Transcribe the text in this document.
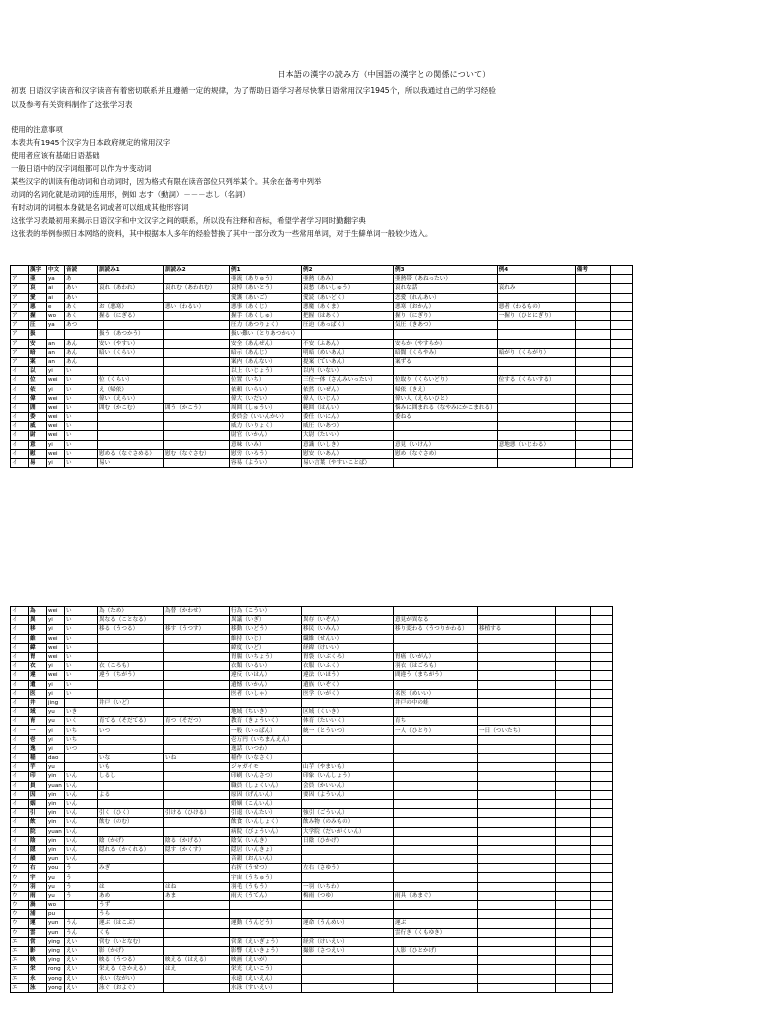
日本語の漢字の読み方（中国語の漢字との関係について）
初衷 日语汉字读音和汉字读音有着密切联系并且遵循一定的规律，为了帮助日语学习者尽快掌日语常用汉字1945个，所以我通过自己的学习经验
以及参考有关资料制作了这张学习表
使用的注意事项
本表共有1945个汉字为日本政府规定的常用汉字
使用者应该有基础日语基础
一般日语中的汉字词组都可以作为サ变动词
某些汉字的训读有他动词和自动词时，因为格式有限在读音部位只列举某个。其余在备考中列举
动词的名词化就是动词的连用形，例如 志す（動詞）－－－志し（名詞）
有时动词的词根本身就是名词或者可以组成其他形容词
这张学习表最初用来揭示日语汉字和中文汉字之间的联系，所以没有注释和音标，希望学者学习同时勤翻字典
这张表的举例参照日本网络的资料，其中根据本人多年的经验替换了其中一部分改为一些常用单词，对于生僻单词一般较少选入。
	漢字	中文	音読	訓読み1	訓読み2	例1	例2	例3	例4	備考	
ア	亜	ya	あ			亜流（ありゅう）	亜熱（あみ）	亜熱帯（あねったい）			
ア	哀	ai	あい	哀れ（あわれ）	哀れむ（あわれむ）	哀悼（あいとう）	哀愁（あいしゅう）	哀れな話	哀れみ		
ア	愛	ai	あい			愛護（あいご）	愛読（あいどく）	恋愛（れんあい）			
ア	悪	e	あく	お（悪寒）	悪い（わるい）	悪事（あくじ）	悪魔（あくま）	悪寒（おかん）	悪者（わるもの）		
ア	握	wo	あく	握る（にぎる）		握手（あくしゅ）	把握（はあく）	握り（にぎり）	一握り（ひとにぎり）		
ア	圧	ya	あつ			圧力（あつりょく）	圧迫（あっぱく）	気圧（きあつ）			
ア	扱			扱う（あつかう）		扱い難い（とりあつかい）					
ア	安	an	あん	安い（やすい）		安全（あんぜん）	不安（ふあん）	安らか（やすらか）			
ア	暗	an	あん	暗い（くらい）		暗示（あんじ）	明暗（めいあん）	暗闇（くらやみ）	暗がり（くらがり）		
ア	案	an	あん			案内（あんない）	提案（ていあん）	案ずる			
イ	以	yi	い			以上（いじょう）	以内（いない）				
イ	位	wei	い	位（くらい）		位置（いち）	三位一体（さんみいったい）	位取り（くらいどり）	位する（くらいする）		
イ	依	yi	い	え（帰依）		依頼（いらい）	依然（いぜん）	帰依（きえ）			
イ	偉	wei	い	偉い（えらい）		偉大（いだい）	偉人（いじん）	偉い人（えらいひと）			
イ	囲	wei	い	囲む（かこむ）	囲う（かこう）	周囲（しゅうい）	範囲（はんい）	悩みに囲まれる（なやみにかこまれる）			
イ	委	wei	い			委員会（いいんかい）	委任（いにん）	委ねる			
イ	威	wei	い			威力（いりょく）	威圧（いあつ）				
イ	尉	wei	い			尉官（いかん）	大尉（たいい）				
イ	意	yi	い			意味（いみ）	意識（いしき）	意見（いけん）	意地悪（いじわる）		
イ	慰	wei	い	慰める（なぐさめる）	慰む（なぐさむ）	慰労（いろう）	慰安（いあん）	慰め（なぐさめ）			
イ	易	yi	い	易い		容易（ようい）	易い言葉（やすいことば）				
イ	為	wei	い	為（ため）	為替（かわせ）	行為（こうい）					
イ	異	yi	い	異なる（ことなる）		異議（いぎ）	異存（いぞん）	意見が異なる			
イ	移	yi	い	移る（うつる）	移す（うつす）	移動（いどう）	移民（いみん）	移り変わる（うつりかわる）	移植する		
イ	維	wei	い			維持（いじ）	繊維（せんい）				
イ	緯	wei	い			緯度（いど）	経緯（けいい）				
イ	胃	wei	い			胃腸（いちょう）	胃袋（いぶくろ）	胃癌（いがん）			
イ	衣	yi	い	衣（ころも）		衣類（いるい）	衣服（いふく）	羽衣（はごろも）			
イ	違	wei	い	違う（ちがう）		違反（いはん）	違法（いほう）	間違う（まちがう）			
イ	遺	yi	い			遺憾（いかん）	遺族（いぞく）				
イ	医	yi	い			医者（いしゃ）	医学（いがく）	名医（めいい）			
イ	井	jing		井戸（いど）				井戸の中の蛙			
イ	域	yu	いき			地域（ちいき）	区域（くいき）				
イ	育	yu	いく	育てる（そだてる）	育つ（そだつ）	教育（きょういく）	体育（たいいく）	育ち			
イ	一	yi	いち	いつ		一般（いっぱん）	統一（とういつ）	一人（ひとり）	一日（ついたち）		
イ	壱	yi	いち			壱万円（いちまんえん）					
イ	逸	yi	いつ			逸話（いつわ）					
イ	稲	dao		いな	いね	稲作（いなさく）					
イ	芋	yu		いも		ジャガイモ	山芋（やまいも）				
イ	印	yin	いん	しるし		印刷（いんさつ）	印象（いんしょう）				
イ	員	yuan	いん			職員（しょくいん）	会員（かいいん）				
イ	因	yin	いん	よる		原因（げんいん）	要因（よういん）				
イ	姻	yin	いん			婚姻（こんいん）					
イ	引	yin	いん	引く（ひく）	引ける（ひける）	引退（いんたい）	強引（ごういん）				
イ	飲	yin	いん	飲む（のむ）		飲食（いんしょく）	飲み物（のみもの）				
イ	院	yuan	いん			病院（びょういん）	大学院（だいがくいん）				
イ	陰	yin	いん	陰（かげ）	陰る（かげる）	陰気（いんき）	日陰（ひかげ）				
イ	隠	yin	いん	隠れる（かくれる）	隠す（かくす）	隠居（いんきょ）					
イ	韻	yun	いん			音韻（おんいん）					
ウ	右	you	う	みぎ		右折（うせつ）	左右（さゆう）				
ウ	宇	yu	う			宇宙（うちゅう）					
ウ	羽	yu	う	は	はね	羽毛（うもう）	一羽（いちわ）				
ウ	雨	yu	う	あめ	あま	雨天（うてん）	梅雨（つゆ）	雨具（あまぐ）			
ウ	渦	wo		うず							
ウ	浦	pu		うら							
ウ	運	yun	うん	運ぶ（はこぶ）		運動（うんどう）	運命（うんめい）	運ぶ			
ウ	雲	yun	うん	くも				雲行き（くもゆき）			
エ	営	ying	えい	営む（いとなむ）		営業（えいぎょう）	経営（けいえい）				
エ	影	ying	えい	影（かげ）		影響（えいきょう）	撮影（さつえい）	人影（ひとかげ）			
エ	映	ying	えい	映る（うつる）	映える（はえる）	映画（えいが）					
エ	栄	rong	えい	栄える（さかえる）	はえ	栄光（えいこう）					
エ	永	yong	えい	永い（ながい）		永遠（えいえん）					
エ	泳	yong	えい	泳ぐ（およぐ）		水泳（すいえい）					
